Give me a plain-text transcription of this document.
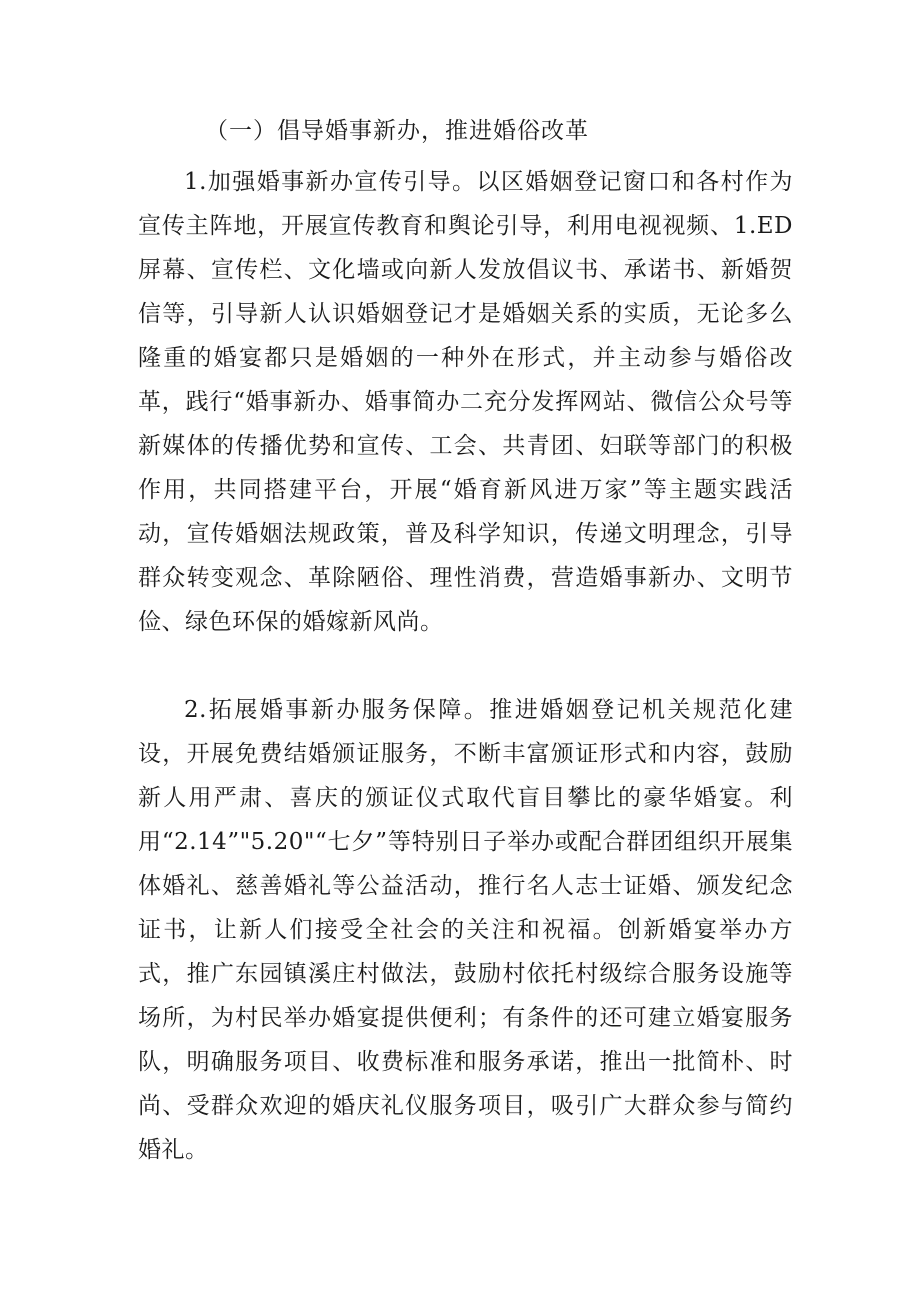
（一）倡导婚事新办，推进婚俗改革

1.加强婚事新办宣传引导。以区婚姻登记窗口和各村作为宣传主阵地，开展宣传教育和舆论引导，利用电视视频、1.ED屏幕、宣传栏、文化墙或向新人发放倡议书、承诺书、新婚贺信等，引导新人认识婚姻登记才是婚姻关系的实质，无论多么隆重的婚宴都只是婚姻的一种外在形式，并主动参与婚俗改革，践行“婚事新办、婚事简办二充分发挥网站、微信公众号等新媒体的传播优势和宣传、工会、共青团、妇联等部门的积极作用，共同搭建平台，开展“婚育新风进万家”等主题实践活动，宣传婚姻法规政策，普及科学知识，传递文明理念，引导群众转变观念、革除陋俗、理性消费，营造婚事新办、文明节俭、绿色环保的婚嫁新风尚。

2.拓展婚事新办服务保障。推进婚姻登记机关规范化建设，开展免费结婚颁证服务，不断丰富颁证形式和内容，鼓励新人用严肃、喜庆的颁证仪式取代盲目攀比的豪华婚宴。利用“2.14”"5.20"“七夕”等特别日子举办或配合群团组织开展集体婚礼、慈善婚礼等公益活动，推行名人志士证婚、颁发纪念证书，让新人们接受全社会的关注和祝福。创新婚宴举办方式，推广东园镇溪庄村做法，鼓励村依托村级综合服务设施等场所，为村民举办婚宴提供便利；有条件的还可建立婚宴服务队，明确服务项目、收费标准和服务承诺，推出一批简朴、时尚、受群众欢迎的婚庆礼仪服务项目，吸引广大群众参与简约婚礼。
